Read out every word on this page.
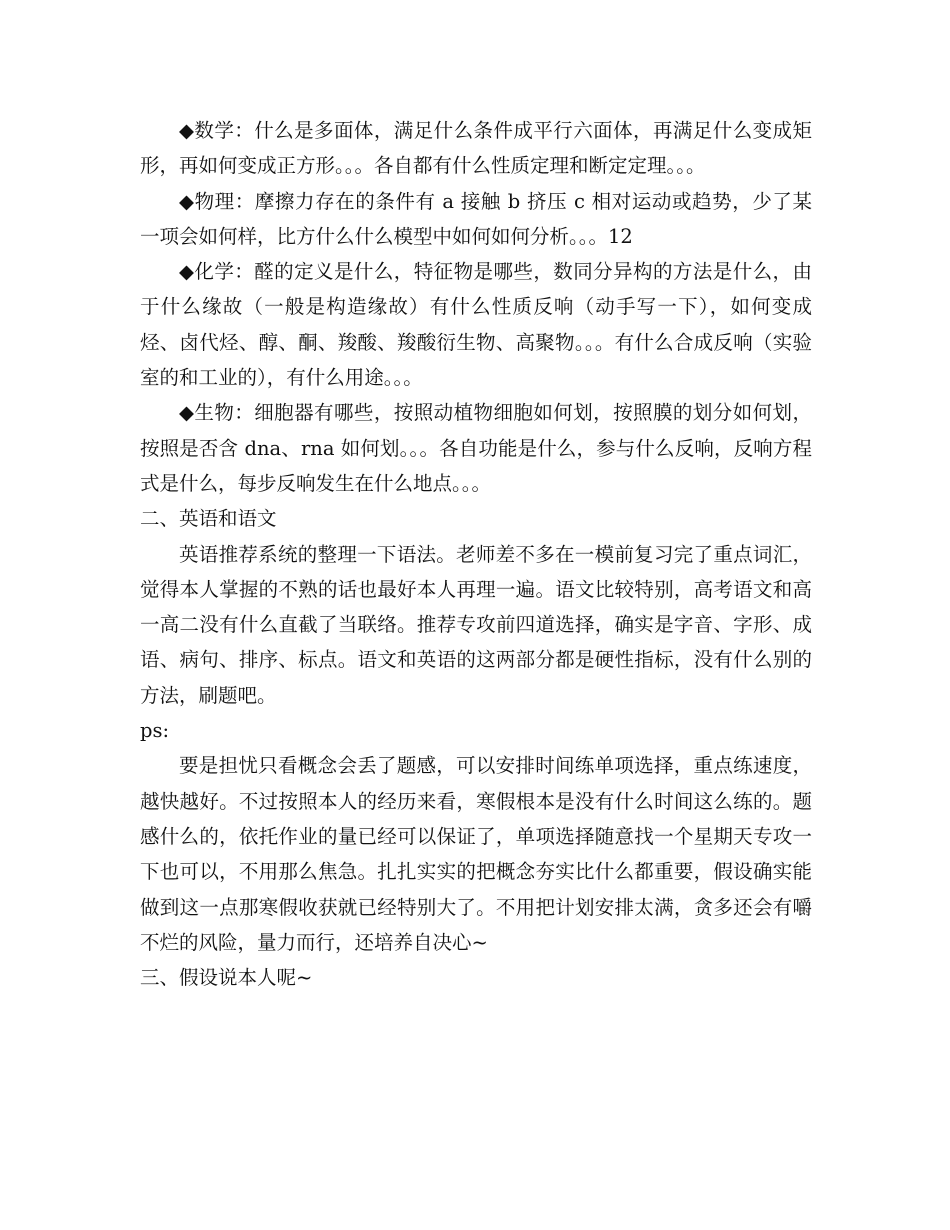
◆数学：什么是多面体，满足什么条件成平行六面体，再满足什么变成矩形，再如何变成正方形。。。各自都有什么性质定理和断定定理。。。

◆物理：摩擦力存在的条件有 a 接触 b 挤压 c 相对运动或趋势，少了某一项会如何样，比方什么什么模型中如何如何分析。。。12

◆化学：醛的定义是什么，特征物是哪些，数同分异构的方法是什么，由于什么缘故（一般是构造缘故）有什么性质反响（动手写一下），如何变成烃、卤代烃、醇、酮、羧酸、羧酸衍生物、高聚物。。。有什么合成反响（实验室的和工业的），有什么用途。。。

◆生物：细胞器有哪些，按照动植物细胞如何划，按照膜的划分如何划，按照是否含 dna、rna 如何划。。。各自功能是什么，参与什么反响，反响方程式是什么，每步反响发生在什么地点。。。

二、英语和语文

英语推荐系统的整理一下语法。老师差不多在一模前复习完了重点词汇，觉得本人掌握的不熟的话也最好本人再理一遍。语文比较特别，高考语文和高一高二没有什么直截了当联络。推荐专攻前四道选择，确实是字音、字形、成语、病句、排序、标点。语文和英语的这两部分都是硬性指标，没有什么别的方法，刷题吧。

ps:

要是担忧只看概念会丢了题感，可以安排时间练单项选择，重点练速度，越快越好。不过按照本人的经历来看，寒假根本是没有什么时间这么练的。题感什么的，依托作业的量已经可以保证了，单项选择随意找一个星期天专攻一下也可以，不用那么焦急。扎扎实实的把概念夯实比什么都重要，假设确实能做到这一点那寒假收获就已经特别大了。不用把计划安排太满，贪多还会有嚼不烂的风险，量力而行，还培养自决心~

三、假设说本人呢~
